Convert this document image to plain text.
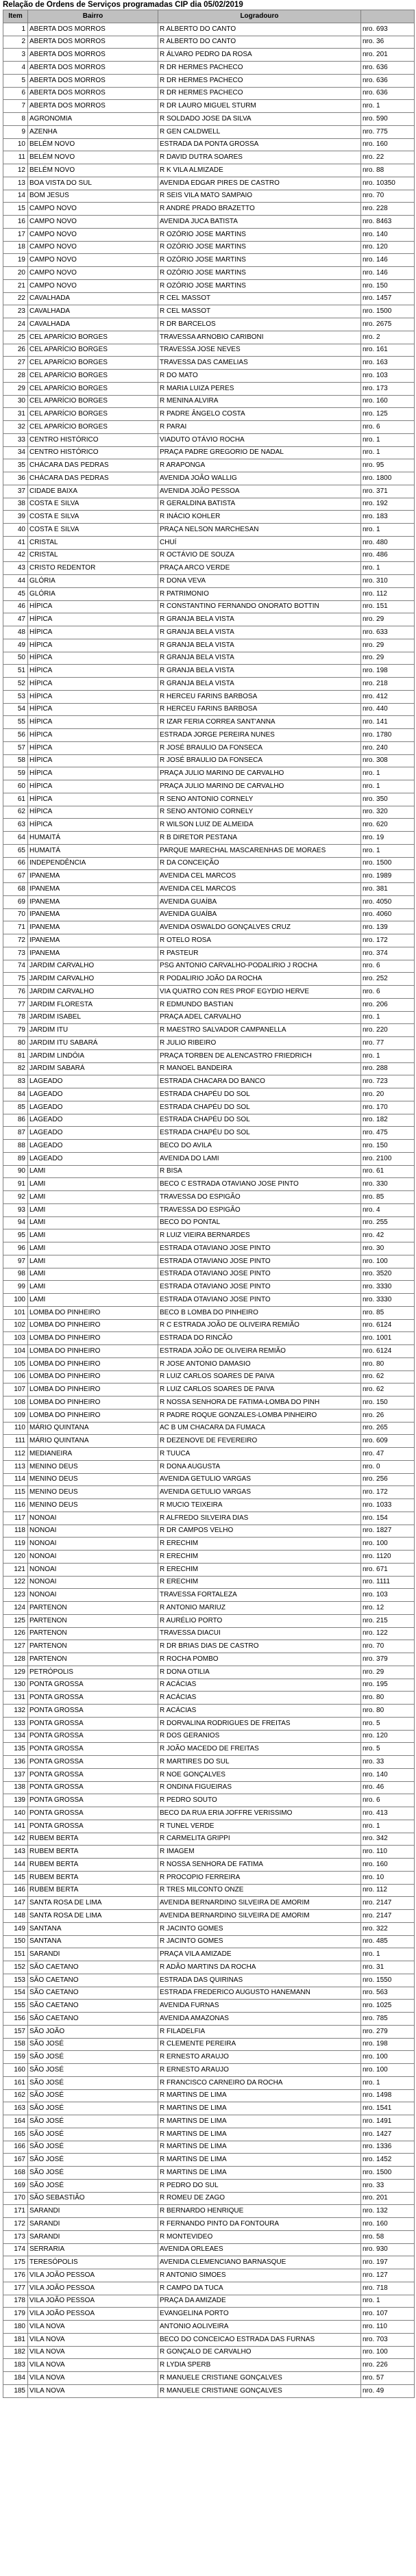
Relação de Ordens de Serviços programadas CIP dia 05/02/2019
Item	Bairro	Logradouro	
1	ABERTA DOS MORROS	R ALBERTO DO CANTO	nro. 693
2	ABERTA DOS MORROS	R ALBERTO DO CANTO	nro. 36
3	ABERTA DOS MORROS	R ÁLVARO PEDRO DA ROSA	nro. 201
4	ABERTA DOS MORROS	R DR HERMES PACHECO	nro. 636
5	ABERTA DOS MORROS	R DR HERMES PACHECO	nro. 636
6	ABERTA DOS MORROS	R DR HERMES PACHECO	nro. 636
7	ABERTA DOS MORROS	R DR LAURO MIGUEL STURM	nro. 1
8	AGRONOMIA	R SOLDADO JOSE DA SILVA	nro. 590
9	AZENHA	R GEN CALDWELL	nro. 775
10	BELÉM NOVO	ESTRADA DA PONTA GROSSA	nro. 160
11	BELÉM NOVO	R DAVID DUTRA SOARES	nro. 22
12	BELÉM NOVO	R K VILA ALMIZADE	nro. 88
13	BOA VISTA DO SUL	AVENIDA EDGAR PIRES DE CASTRO	nro. 10350
14	BOM JESUS	R SEIS VILA MATO SAMPAIO	nro. 70
15	CAMPO NOVO	R ANDRÉ PRADO BRAZETTO	nro. 228
16	CAMPO NOVO	AVENIDA JUCA BATISTA	nro. 8463
17	CAMPO NOVO	R OZÓRIO JOSE MARTINS	nro. 140
18	CAMPO NOVO	R OZÓRIO JOSE MARTINS	nro. 120
19	CAMPO NOVO	R OZÓRIO JOSE MARTINS	nro. 146
20	CAMPO NOVO	R OZÓRIO JOSE MARTINS	nro. 146
21	CAMPO NOVO	R OZÓRIO JOSE MARTINS	nro. 150
22	CAVALHADA	R CEL MASSOT	nro. 1457
23	CAVALHADA	R CEL MASSOT	nro. 1500
24	CAVALHADA	R DR BARCELOS	nro. 2675
25	CEL APARÍCIO BORGES	TRAVESSA ARNOBIO CARIBONI	nro. 2
26	CEL APARÍCIO BORGES	TRAVESSA JOSE NEVES	nro. 161
27	CEL APARÍCIO BORGES	TRAVESSA DAS CAMELIAS	nro. 163
28	CEL APARÍCIO BORGES	R DO MATO	nro. 103
29	CEL APARÍCIO BORGES	R MARIA LUIZA PERES	nro. 173
30	CEL APARÍCIO BORGES	R MENINA ALVIRA	nro. 160
31	CEL APARÍCIO BORGES	R PADRE ÂNGELO COSTA	nro. 125
32	CEL APARÍCIO BORGES	R PARAI	nro. 6
33	CENTRO HISTÓRICO	VIADUTO OTÁVIO ROCHA	nro. 1
34	CENTRO HISTÓRICO	PRAÇA PADRE GREGORIO DE NADAL	nro. 1
35	CHÁCARA DAS PEDRAS	R ARAPONGA	nro. 95
36	CHÁCARA DAS PEDRAS	AVENIDA JOÃO WALLIG	nro. 1800
37	CIDADE BAIXA	AVENIDA JOÃO PESSOA	nro. 371
38	COSTA E SILVA	R GERALDINA BATISTA	nro. 192
39	COSTA E SILVA	R INÁCIO KOHLER	nro. 183
40	COSTA E SILVA	PRAÇA NELSON MARCHESAN	nro. 1
41	CRISTAL	CHUÍ	nro. 480
42	CRISTAL	R OCTÁVIO DE SOUZA	nro. 486
43	CRISTO REDENTOR	PRAÇA ARCO VERDE	nro. 1
44	GLÓRIA	R DONA VEVA	nro. 310
45	GLÓRIA	R PATRIMONIO	nro. 112
46	HÍPICA	R CONSTANTINO FERNANDO ONORATO BOTTIN	nro. 151
47	HÍPICA	R GRANJA BELA VISTA	nro. 29
48	HÍPICA	R GRANJA BELA VISTA	nro. 633
49	HÍPICA	R GRANJA BELA VISTA	nro. 29
50	HÍPICA	R GRANJA BELA VISTA	nro. 29
51	HÍPICA	R GRANJA BELA VISTA	nro. 198
52	HÍPICA	R GRANJA BELA VISTA	nro. 218
53	HÍPICA	R HERCEU FARINS BARBOSA	nro. 412
54	HÍPICA	R HERCEU FARINS BARBOSA	nro. 440
55	HÍPICA	R IZAR FERIA CORREA SANT'ANNA	nro. 141
56	HÍPICA	ESTRADA JORGE PEREIRA NUNES	nro. 1780
57	HÍPICA	R JOSÉ BRAULIO DA FONSECA	nro. 240
58	HÍPICA	R JOSÉ BRAULIO DA FONSECA	nro. 308
59	HÍPICA	PRAÇA JULIO MARINO DE CARVALHO	nro. 1
60	HÍPICA	PRAÇA JULIO MARINO DE CARVALHO	nro. 1
61	HÍPICA	R SENO ANTONIO CORNELY	nro. 350
62	HÍPICA	R SENO ANTONIO CORNELY	nro. 320
63	HÍPICA	R WILSON LUIZ DE ALMEIDA	nro. 620
64	HUMAITÁ	R B DIRETOR PESTANA	nro. 19
65	HUMAITÁ	PARQUE MARECHAL MASCARENHAS DE MORAES	nro. 1
66	INDEPENDÊNCIA	R DA CONCEIÇÃO	nro. 1500
67	IPANEMA	AVENIDA CEL MARCOS	nro. 1989
68	IPANEMA	AVENIDA CEL MARCOS	nro. 381
69	IPANEMA	AVENIDA GUAÍBA	nro. 4050
70	IPANEMA	AVENIDA GUAÍBA	nro. 4060
71	IPANEMA	AVENIDA OSWALDO GONÇALVES CRUZ	nro. 139
72	IPANEMA	R OTELO ROSA	nro. 172
73	IPANEMA	R PASTEUR	nro. 374
74	JARDIM CARVALHO	PSG ANTONIO CARVALHO-PODALIRIO J ROCHA	nro. 6
75	JARDIM CARVALHO	R PODALIRIO JOÃO DA ROCHA	nro. 252
76	JARDIM CARVALHO	VIA QUATRO CON RES PROF EGYDIO HERVE	nro. 6
77	JARDIM FLORESTA	R EDMUNDO BASTIAN	nro. 206
78	JARDIM ISABEL	PRAÇA ADEL CARVALHO	nro. 1
79	JARDIM ITU	R MAESTRO SALVADOR CAMPANELLA	nro. 220
80	JARDIM ITU SABARÁ	R JULIO RIBEIRO	nro. 77
81	JARDIM LINDÓIA	PRAÇA TORBEN DE ALENCASTRO FRIEDRICH	nro. 1
82	JARDIM SABARÁ	R MANOEL BANDEIRA	nro. 288
83	LAGEADO	ESTRADA CHACARA DO BANCO	nro. 723
84	LAGEADO	ESTRADA CHAPÉU DO SOL	nro. 20
85	LAGEADO	ESTRADA CHAPÉU DO SOL	nro. 170
86	LAGEADO	ESTRADA CHAPÉU DO SOL	nro. 182
87	LAGEADO	ESTRADA CHAPÉU DO SOL	nro. 475
88	LAGEADO	BECO DO AVILA	nro. 150
89	LAGEADO	AVENIDA DO LAMI	nro. 2100
90	LAMI	R BISA	nro. 61
91	LAMI	BECO C ESTRADA OTAVIANO JOSE PINTO	nro. 330
92	LAMI	TRAVESSA DO ESPIGÃO	nro. 85
93	LAMI	TRAVESSA DO ESPIGÃO	nro. 4
94	LAMI	BECO DO PONTAL	nro. 255
95	LAMI	R LUIZ VIEIRA BERNARDES	nro. 42
96	LAMI	ESTRADA OTAVIANO JOSE PINTO	nro. 30
97	LAMI	ESTRADA OTAVIANO JOSE PINTO	nro. 100
98	LAMI	ESTRADA OTAVIANO JOSE PINTO	nro. 3520
99	LAMI	ESTRADA OTAVIANO JOSE PINTO	nro. 3330
100	LAMI	ESTRADA OTAVIANO JOSE PINTO	nro. 3330
101	LOMBA DO PINHEIRO	BECO B LOMBA DO PINHEIRO	nro. 85
102	LOMBA DO PINHEIRO	R C ESTRADA JOÃO DE OLIVEIRA REMIÃO	nro. 6124
103	LOMBA DO PINHEIRO	ESTRADA DO RINCÃO	nro. 1001
104	LOMBA DO PINHEIRO	ESTRADA JOÃO DE OLIVEIRA REMIÃO	nro. 6124
105	LOMBA DO PINHEIRO	R JOSE ANTONIO DAMASIO	nro. 80
106	LOMBA DO PINHEIRO	R LUIZ CARLOS SOARES DE PAIVA	nro. 62
107	LOMBA DO PINHEIRO	R LUIZ CARLOS SOARES DE PAIVA	nro. 62
108	LOMBA DO PINHEIRO	R NOSSA SENHORA DE FATIMA-LOMBA DO PINH	nro. 150
109	LOMBA DO PINHEIRO	R PADRE ROQUE GONZALES-LOMBA PINHEIRO	nro. 26
110	MÁRIO QUINTANA	AC B UM CHACARA DA FUMACA	nro. 265
111	MÁRIO QUINTANA	R DEZENOVE DE FEVEREIRO	nro. 609
112	MEDIANEIRA	R TUUCA	nro. 47
113	MENINO DEUS	R DONA AUGUSTA	nro. 0
114	MENINO DEUS	AVENIDA GETULIO VARGAS	nro. 256
115	MENINO DEUS	AVENIDA GETULIO VARGAS	nro. 172
116	MENINO DEUS	R MUCIO TEIXEIRA	nro. 1033
117	NONOAI	R ALFREDO SILVEIRA DIAS	nro. 154
118	NONOAI	R DR CAMPOS VELHO	nro. 1827
119	NONOAI	R ERECHIM	nro. 100
120	NONOAI	R ERECHIM	nro. 1120
121	NONOAI	R ERECHIM	nro. 671
122	NONOAI	R ERECHIM	nro. 1111
123	NONOAI	TRAVESSA FORTALEZA	nro. 103
124	PARTENON	R ANTONIO MARIUZ	nro. 12
125	PARTENON	R AURÉLIO PORTO	nro. 215
126	PARTENON	TRAVESSA DIACUI	nro. 122
127	PARTENON	R DR BRIAS DIAS DE CASTRO	nro. 70
128	PARTENON	R ROCHA POMBO	nro. 379
129	PETRÓPOLIS	R DONA OTILIA	nro. 29
130	PONTA GROSSA	R ACÁCIAS	nro. 195
131	PONTA GROSSA	R ACÁCIAS	nro. 80
132	PONTA GROSSA	R ACÁCIAS	nro. 80
133	PONTA GROSSA	R DORVALINA RODRIGUES DE FREITAS	nro. 5
134	PONTA GROSSA	R DOS GERANIOS	nro. 120
135	PONTA GROSSA	R JOÃO MACEDO DE FREITAS	nro. 5
136	PONTA GROSSA	R MARTIRES DO SUL	nro. 33
137	PONTA GROSSA	R NOE GONÇALVES	nro. 140
138	PONTA GROSSA	R ONDINA FIGUEIRAS	nro. 46
139	PONTA GROSSA	R PEDRO SOUTO	nro. 6
140	PONTA GROSSA	BECO DA RUA ERIA JOFFRE VERISSIMO	nro. 413
141	PONTA GROSSA	R TUNEL VERDE	nro. 1
142	RUBEM BERTA	R CARMELITA GRIPPI	nro. 342
143	RUBEM BERTA	R IMAGEM	nro. 110
144	RUBEM BERTA	R NOSSA SENHORA DE FATIMA	nro. 160
145	RUBEM BERTA	R PROCOPIO FERREIRA	nro. 10
146	RUBEM BERTA	R TRES MILCONTO ONZE	nro. 112
147	SANTA ROSA DE LIMA	AVENIDA BERNARDINO SILVEIRA DE AMORIM	nro. 2147
148	SANTA ROSA DE LIMA	AVENIDA BERNARDINO SILVEIRA DE AMORIM	nro. 2147
149	SANTANA	R JACINTO GOMES	nro. 322
150	SANTANA	R JACINTO GOMES	nro. 485
151	SARANDI	PRAÇA VILA AMIZADE	nro. 1
152	SÃO CAETANO	R ADÃO MARTINS DA ROCHA	nro. 31
153	SÃO CAETANO	ESTRADA DAS QUIRINAS	nro. 1550
154	SÃO CAETANO	ESTRADA FREDERICO AUGUSTO HANEMANN	nro. 563
155	SÃO CAETANO	AVENIDA FURNAS	nro. 1025
156	SÃO CAETANO	AVENIDA AMAZONAS	nro. 785
157	SÃO JOÃO	R FILADELFIA	nro. 279
158	SÃO JOSÉ	R CLEMENTE PEREIRA	nro. 198
159	SÃO JOSÉ	R ERNESTO ARAUJO	nro. 100
160	SÃO JOSÉ	R ERNESTO ARAUJO	nro. 100
161	SÃO JOSÉ	R FRANCISCO CARNEIRO DA ROCHA	nro. 1
162	SÃO JOSÉ	R MARTINS DE LIMA	nro. 1498
163	SÃO JOSÉ	R MARTINS DE LIMA	nro. 1541
164	SÃO JOSÉ	R MARTINS DE LIMA	nro. 1491
165	SÃO JOSÉ	R MARTINS DE LIMA	nro. 1427
166	SÃO JOSÉ	R MARTINS DE LIMA	nro. 1336
167	SÃO JOSÉ	R MARTINS DE LIMA	nro. 1452
168	SÃO JOSÉ	R MARTINS DE LIMA	nro. 1500
169	SÃO JOSÉ	R PEDRO DO SUL	nro. 33
170	SÃO SEBASTIÃO	R ROMEU DE ZAGO	nro. 201
171	SARANDI	R BERNARDO HENRIQUE	nro. 132
172	SARANDI	R FERNANDO PINTO DA FONTOURA	nro. 160
173	SARANDI	R MONTEVIDEO	nro. 58
174	SERRARIA	AVENIDA ORLEAES	nro. 930
175	TERESÓPOLIS	AVENIDA CLEMENCIANO BARNASQUE	nro. 197
176	VILA JOÃO PESSOA	R ANTONIO SIMOES	nro. 127
177	VILA JOÃO PESSOA	R CAMPO DA TUCA	nro. 718
178	VILA JOÃO PESSOA	PRAÇA DA AMIZADE	nro. 1
179	VILA JOÃO PESSOA	EVANGELINA PORTO	nro. 107
180	VILA NOVA	ANTONIO AOLIVEIRA	nro. 110
181	VILA NOVA	BECO DO CONCEICAO ESTRADA DAS FURNAS	nro. 703
182	VILA NOVA	R GONÇALO DE CARVALHO	nro. 100
183	VILA NOVA	R LYDIA SPERB	nro. 226
184	VILA NOVA	R MANUELE CRISTIANE GONÇALVES	nro. 57
185	VILA NOVA	R MANUELE CRISTIANE GONÇALVES	nro. 49
